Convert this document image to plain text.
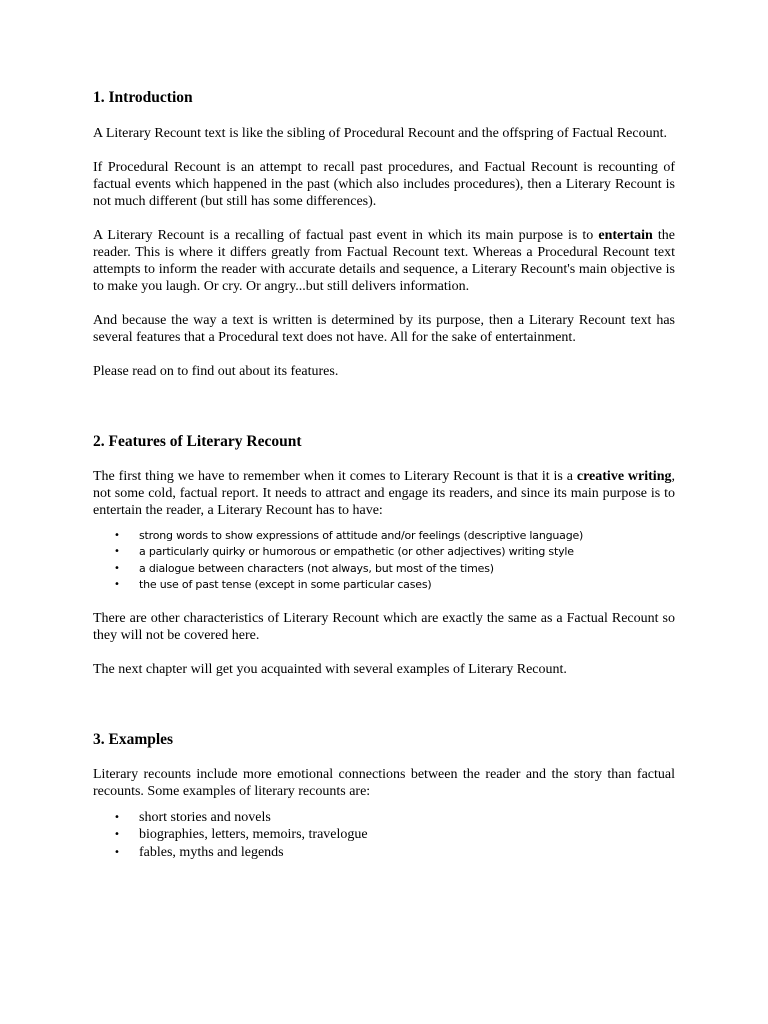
1. Introduction

A Literary Recount text is like the sibling of Procedural Recount and the offspring of Factual Recount.

If Procedural Recount is an attempt to recall past procedures, and Factual Recount is recounting of factual events which happened in the past (which also includes procedures), then a Literary Recount is not much different (but still has some differences).

A Literary Recount is a recalling of factual past event in which its main purpose is to entertain the reader. This is where it differs greatly from Factual Recount text. Whereas a Procedural Recount text attempts to inform the reader with accurate details and sequence, a Literary Recount's main objective is to make you laugh. Or cry. Or angry...but still delivers information.

And because the way a text is written is determined by its purpose, then a Literary Recount text has several features that a Procedural text does not have. All for the sake of entertainment.

Please read on to find out about its features.

2. Features of Literary Recount

The first thing we have to remember when it comes to Literary Recount is that it is a creative writing, not some cold, factual report. It needs to attract and engage its readers, and since its main purpose is to entertain the reader, a Literary Recount has to have:

• strong words to show expressions of attitude and/or feelings (descriptive language)
• a particularly quirky or humorous or empathetic (or other adjectives) writing style
• a dialogue between characters (not always, but most of the times)
• the use of past tense (except in some particular cases)

There are other characteristics of Literary Recount which are exactly the same as a Factual Recount so they will not be covered here.

The next chapter will get you acquainted with several examples of Literary Recount.

3. Examples

Literary recounts include more emotional connections between the reader and the story than factual recounts. Some examples of literary recounts are:

• short stories and novels
• biographies, letters, memoirs, travelogue
• fables, myths and legends
